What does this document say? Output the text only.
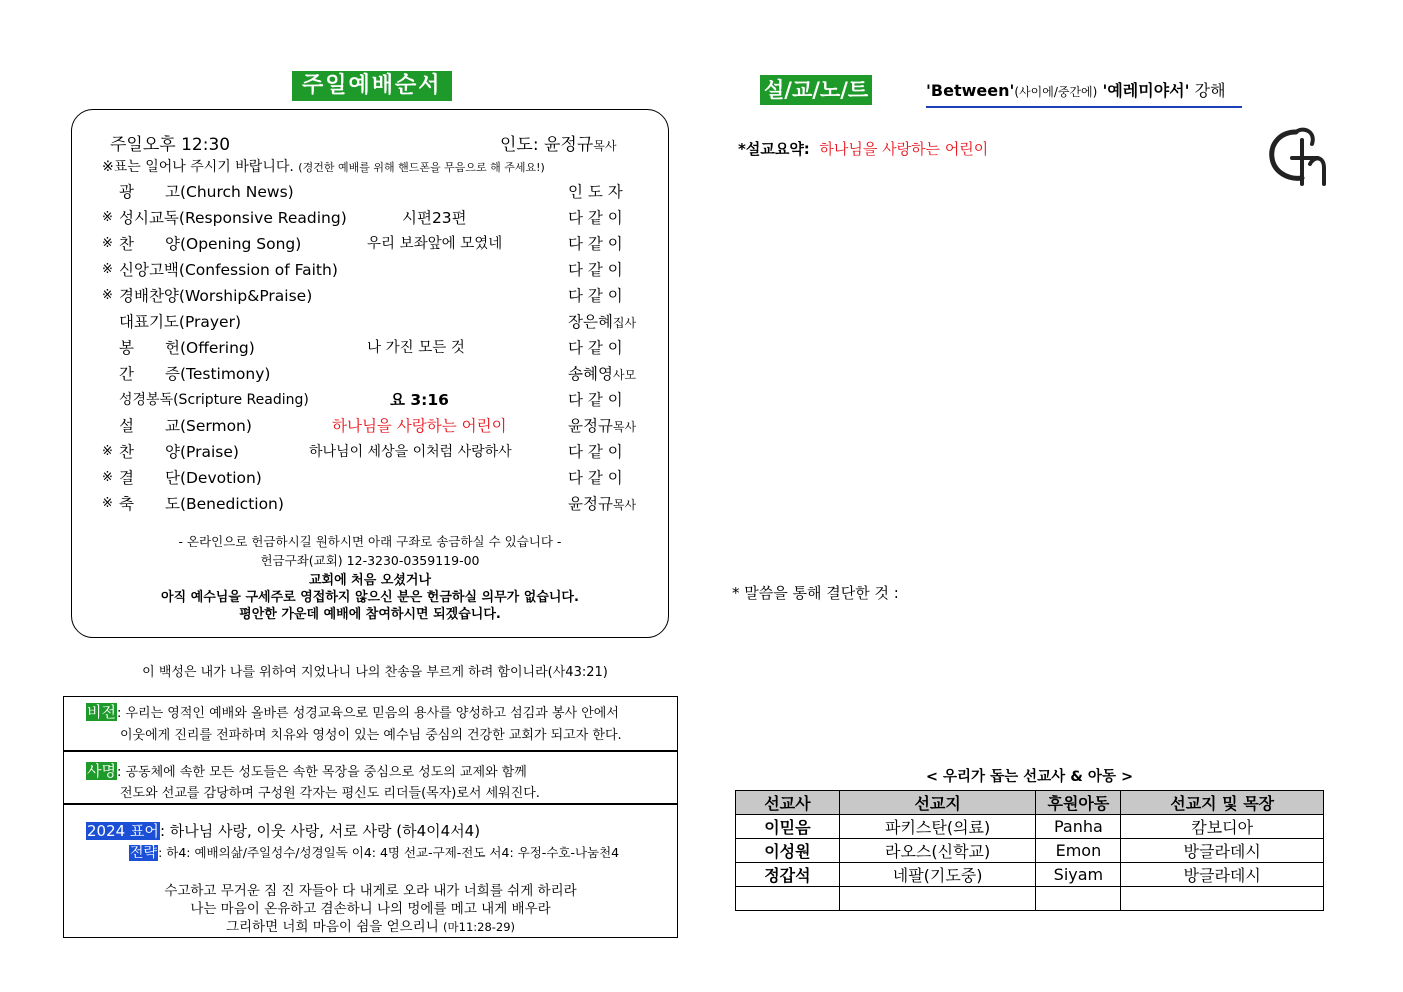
주일예배순서
주일오후 12:30	인도: 윤정규목사
※표는 일어나 주시기 바랍니다. (경건한 예배를 위해 핸드폰을 무음으로 해 주세요!)
광　　고(Church News)	인 도 자
※ 성시교독(Responsive Reading)	시편23편	다 같 이
※ 찬　　양(Opening Song)	우리 보좌앞에 모였네	다 같 이
※ 신앙고백(Confession of Faith)	다 같 이
※ 경배찬양(Worship&Praise)	다 같 이
대표기도(Prayer)	장은혜집사
봉　　헌(Offering)	나 가진 모든 것	다 같 이
간　　증(Testimony)	송혜영사모
성경봉독(Scripture Reading)	요 3:16	다 같 이
설　　교(Sermon)	하나님을 사랑하는 어린이	윤정규목사
※ 찬　　양(Praise)	하나님이 세상을 이처럼 사랑하사	다 같 이
※ 결　　단(Devotion)	다 같 이
※ 축　　도(Benediction)	윤정규목사
- 온라인으로 헌금하시길 원하시면 아래 구좌로 송금하실 수 있습니다 -
헌금구좌(교회) 12-3230-0359119-00
교회에 처음 오셨거나
아직 예수님을 구세주로 영접하지 않으신 분은 헌금하실 의무가 없습니다.
평안한 가운데 예배에 참여하시면 되겠습니다.
이 백성은 내가 나를 위하여 지었나니 나의 찬송을 부르게 하려 함이니라(사43:21)
비전: 우리는 영적인 예배와 올바른 성경교육으로 믿음의 용사를 양성하고 섬김과 봉사 안에서
이웃에게 진리를 전파하며 치유와 영성이 있는 예수님 중심의 건강한 교회가 되고자 한다.
사명: 공동체에 속한 모든 성도들은 속한 목장을 중심으로 성도의 교제와 함께
전도와 선교를 감당하며 구성원 각자는 평신도 리더들(목자)로서 세워진다.
2024 표어: 하나님 사랑, 이웃 사랑, 서로 사랑 (하4이4서4)
전략: 하4: 예배의삶/주일성수/성경일독 이4: 4명 선교-구제-전도 서4: 우정-수호-나눔천4
수고하고 무거운 짐 진 자들아 다 내게로 오라 내가 너희를 쉬게 하리라
나는 마음이 온유하고 겸손하니 나의 멍에를 메고 내게 배우라
그리하면 너희 마음이 쉼을 얻으리니 (마11:28-29)
설/교/노/트	'Between'(사이에/중간에) '예레미야서' 강해
*설교요약: 하나님을 사랑하는 어린이
* 말씀을 통해 결단한 것 :
< 우리가 돕는 선교사 & 아동 >
선교사	선교지	후원아동	선교지 및 목장
이믿음	파키스탄(의료)	Panha	캄보디아
이성원	라오스(신학교)	Emon	방글라데시
정갑석	네팔(기도중)	Siyam	방글라데시
